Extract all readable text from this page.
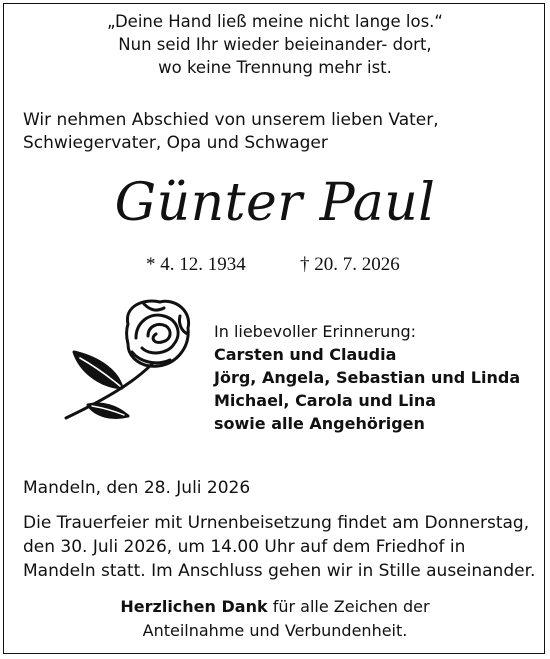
„Deine Hand ließ meine nicht lange los.“
Nun seid Ihr wieder beieinander- dort,
wo keine Trennung mehr ist.
Wir nehmen Abschied von unserem lieben Vater,
Schwiegervater, Opa und Schwager
Günter Paul
* 4. 12. 1934	† 20. 7. 2026
In liebevoller Erinnerung:
Carsten und Claudia
Jörg, Angela, Sebastian und Linda
Michael, Carola und Lina
sowie alle Angehörigen
Mandeln, den 28. Juli 2026
Die Trauerfeier mit Urnenbeisetzung findet am Donnerstag,
den 30. Juli 2026, um 14.00 Uhr auf dem Friedhof in
Mandeln statt. Im Anschluss gehen wir in Stille auseinander.
Herzlichen Dank für alle Zeichen der
Anteilnahme und Verbundenheit.
